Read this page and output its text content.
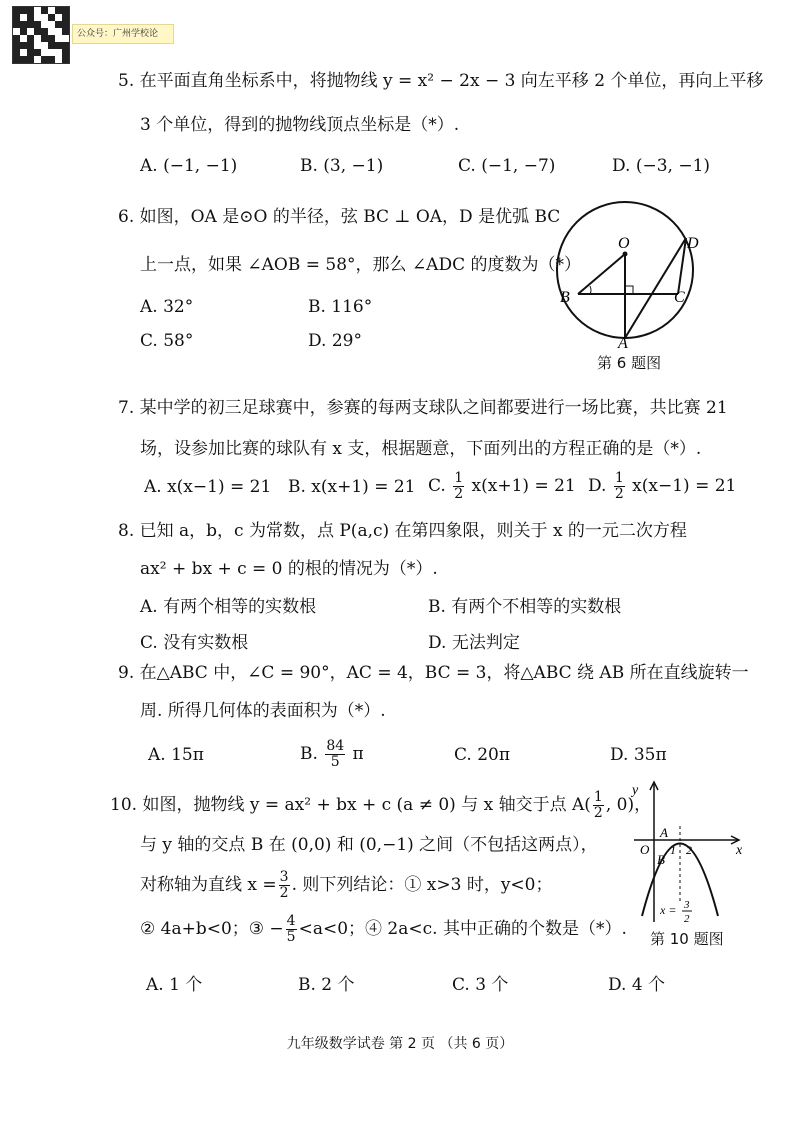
公众号：广州学校论
5. 在平面直角坐标系中，将抛物线 y = x² − 2x − 3 向左平移 2 个单位，再向上平移
3 个单位，得到的抛物线顶点坐标是（*）.
A. (−1, −1)	B. (3, −1)	C. (−1, −7)	D. (−3, −1)
6. 如图，OA 是⊙O 的半径，弦 BC ⊥ OA，D 是优弧 BC
上一点，如果 ∠AOB = 58°，那么 ∠ADC 的度数为（*）
A. 32°	B. 116°
C. 58°	D. 29°
O	D
B	C
A
第 6 题图
7. 某中学的初三足球赛中，参赛的每两支球队之间都要进行一场比赛，共比赛 21
场，设参加比赛的球队有 x 支，根据题意，下面列出的方程正确的是（*）.
A. x(x−1) = 21 B. x(x+1) = 21 C. $\frac{1}{2} x(x+1) = 21$ D. $\frac{1}{2} x(x-1) = 21$
8. 已知 a，b，c 为常数，点 P(a,c) 在第四象限，则关于 x 的一元二次方程
ax² + bx + c = 0 的根的情况为（*）.
A. 有两个相等的实数根	B. 有两个不相等的实数根
C. 没有实数根	D. 无法判定
9. 在△ABC 中，∠C = 90°，AC = 4，BC = 3，将△ABC 绕 AB 所在直线旋转一
周. 所得几何体的表面积为（*）.
A. 15π	B. $\frac{84}{5}$ π	C. 20π	D. 35π
10. 如图，抛物线 y = ax² + bx + c (a ≠ 0) 与 x 轴交于点 $A( \frac{1}{2}$ , 0)，
与 y 轴的交点 B 在 (0,0) 和 (0,−1) 之间（不包括这两点），
对称轴为直线 $x = \frac{3}{2}$ . 则下列结论：① x>3 时，y<0；
② 4a+b<0；③ − $\frac{4}{5} <a<0$；④ 2a<c. 其中正确的个数是（*）.
A. 1 个	B. 2 个	C. 3 个	D. 4 个
y
x
O
A
B
1 2
x = 3
2
第 10 题图
九年级数学试卷 第 2 页 （共 6 页）
